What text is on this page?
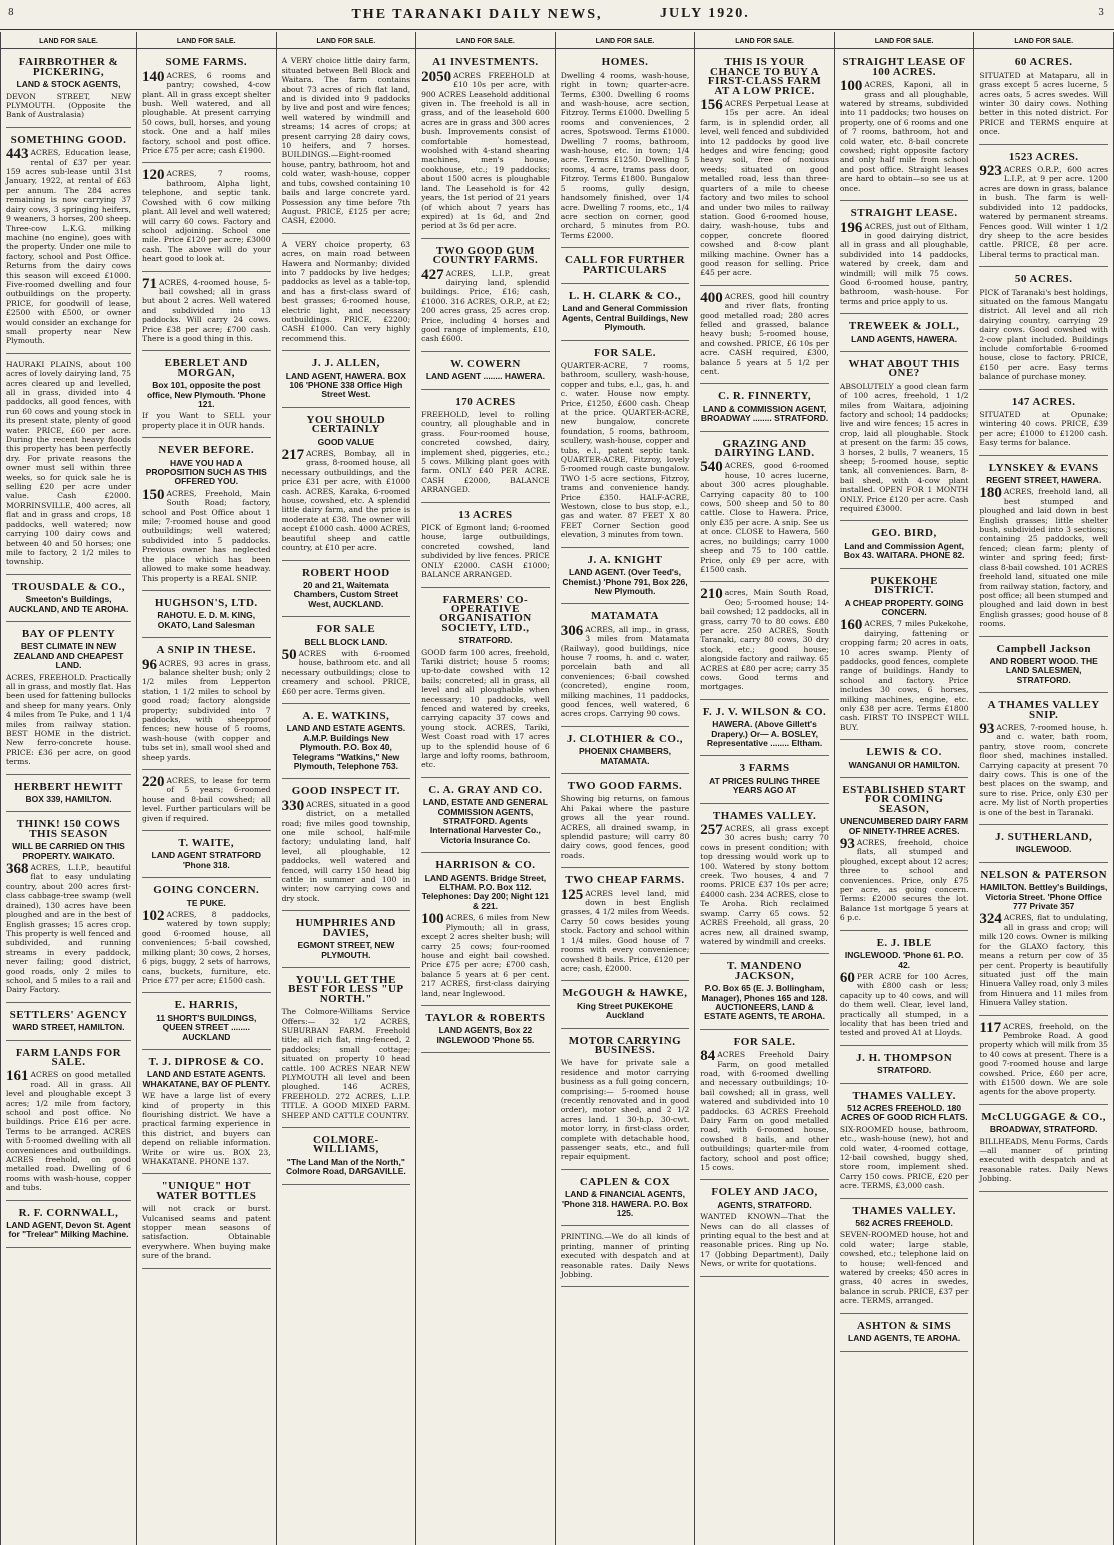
8	THE TARANAKI DAILY NEWS,	JULY 1920.	3
LAND FOR SALE.
FAIRBROTHER & PICKERING,
LAND & STOCK AGENTS,

DEVON STREET, NEW PLYMOUTH. (Opposite the Bank of Australasia)

SOMETHING GOOD.

443 ACRES, Education lease, rental of £37 per year. 159 acres sub-lease until 31st January, 1922, at rental of £63 per annum. The 284 acres remaining is now carrying 37 dairy cows, 3 springing heifers, 9 weaners, 3 horses, 200 sheep. Three-cow L.K.G. milking machine (no engine), goes with the property. Under one mile to factory, school and Post Office. Returns from the dairy cows this season will exceed £1000. Five-roomed dwelling and four outbuildings on the property. PRICE, for goodwill of lease, £2500 with £500, or owner would consider an exchange for small property near New Plymouth.

HAURAKI PLAINS, about 100 acres of lovely dairying land, 75 acres cleared up and levelled, all in grass, divided into 4 paddocks, all good fences, with run 60 cows and young stock in its present state, plenty of good water. PRICE, £60 per acre. During the recent heavy floods this property has been perfectly dry. For private reasons the owner must sell within three weeks, so for quick sale he is selling £20 per acre under value. Cash £2000. MORRINSVILLE, 400 acres, all flat and in grass and crops, 18 paddocks, well watered; now carrying 100 dairy cows and between 40 and 50 horses; one mile to factory, 2 1/2 miles to township.

TROUSDALE & CO.,
Smeeton's Buildings, AUCKLAND, AND TE AROHA.
BAY OF PLENTY
BEST CLIMATE IN NEW ZEALAND AND CHEAPEST LAND.

ACRES, FREEHOLD. Practically all in grass, and mostly flat. Has been used for fattening bullocks and sheep for many years. Only 4 miles from Te Puke, and 1 1/4 miles from railway station. BEST HOME in the district. New ferro-concrete house. PRICE: £36 per acre, on good terms.

HERBERT HEWITT
BOX 339, HAMILTON.
THINK! 150 COWS THIS SEASON
WILL BE CARRIED ON THIS PROPERTY. WAIKATO.

368 ACRES, L.I.P., beautiful flat to easy undulating country, about 200 acres first-class cabbage-tree swamp (well drained), 130 acres have been ploughed and are in the best of English grasses; 15 acres crop. This property is well fenced and subdivided, and running streams in every paddock, never failing; good district, good roads, only 2 miles to school, and 5 miles to a rail and Dairy Factory.

SETTLERS' AGENCY
WARD STREET, HAMILTON.
FARM LANDS FOR SALE.

161 ACRES on good metalled road. All in grass. All level and ploughable except 3 acres; 1/2 mile from factory, school and post office. No buildings. Price £16 per acre. Terms to be arranged. ACRES with 5-roomed dwelling with all conveniences and outbuildings. ACRES freehold, on good metalled road. Dwelling of 6 rooms with wash-house, copper and tubs.

R. F. CORNWALL,
LAND AGENT, Devon St. Agent for "Trelear" Milking Machine.
LAND FOR SALE.
SOME FARMS.

140 ACRES, 6 rooms and pantry; cowshed, 4-cow plant. All in grass except shelter bush. Well watered, and all ploughable. At present carrying 50 cows, bull, horses, and young stock. One and a half miles factory, school and post office. Price £75 per acre; cash £1900.

120 ACRES, 7 rooms, bathroom, Alpha light, telephone, and septic tank. Cowshed with 6 cow milking plant. All level and well watered; will carry 60 cows. Factory and school adjoining. School one mile. Price £120 per acre; £3000 cash. The above will do your heart good to look at.

71 ACRES, 4-roomed house, 5-bail cowshed; all in grass but about 2 acres. Well watered and subdivided into 13 paddocks. Will carry 24 cows. Price £38 per acre; £700 cash. There is a good thing in this.

EBERLET AND MORGAN,
Box 101, opposite the post office, New Plymouth. 'Phone 121.

If you Want to SELL your property place it in OUR hands.

NEVER BEFORE.
HAVE YOU HAD A PROPOSITION SUCH AS THIS OFFERED YOU.

150 ACRES, Freehold, Main South Road; factory, school and Post Office about 1 mile; 7-roomed house and good outbuildings; well watered; subdivided into 5 paddocks. Previous owner has neglected the place which has been allowed to make some headway. This property is a REAL SNIP.

HUGHSON'S, LTD.
RAHOTU. E. D. M. KING, OKATO, Land Salesman
A SNIP IN THESE.

96 ACRES, 93 acres in grass, balance shelter bush; only 2 1/2 miles from Lepperton station, 1 1/2 miles to school by good road; factory alongside property; subdivided into 7 paddocks, with sheepproof fences; new house of 5 rooms, wash-house (with copper and tubs set in), small wool shed and sheep yards.

220 ACRES, to lease for term of 5 years; 6-roomed house and 8-bail cowshed; all level. Further particulars will be given if required.

T. WAITE,
LAND AGENT STRATFORD 'Phone 318.
GOING CONCERN.
TE PUKE.

102 ACRES, 8 paddocks, watered by town supply; good 6-roomed house, all conveniences; 5-bail cowshed, milking plant; 30 cows, 2 horses, 6 pigs, buggy, 2 sets of harrows, cans, buckets, furniture, etc. Price £77 per acre; £1500 cash.

E. HARRIS,
11 SHORT'S BUILDINGS, QUEEN STREET ........ AUCKLAND
T. J. DIPROSE & CO.
LAND AND ESTATE AGENTS. WHAKATANE, BAY OF PLENTY.

WE have a large list of every kind of property in this flourishing district. We have a practical farming experience in this district, and buyers can depend on reliable information. Write or wire us. BOX 23, WHAKATANE. PHONE 137.

"UNIQUE" HOT WATER BOTTLES

will not crack or burst. Vulcanised seams and patent stopper mean seasons of satisfaction. Obtainable everywhere. When buying make sure of the brand.

LAND FOR SALE.

A VERY choice little dairy farm, situated between Bell Block and Waitara. The farm contains about 73 acres of rich flat land, and is divided into 9 paddocks by live and post and wire fences; well watered by windmill and streams; 14 acres of crops; at present carrying 28 dairy cows, 10 heifers, and 7 horses. BUILDINGS.—Eight-roomed house, pantry, bathroom, hot and cold water, wash-house, copper and tubs, cowshed containing 10 bails and large concrete yard. Possession any time before 7th August. PRICE, £125 per acre; CASH, £2000.

A VERY choice property, 63 acres, on main road between Hawera and Normanby; divided into 7 paddocks by live hedges; paddocks as level as a table-top, and has a first-class sward of best grasses; 6-roomed house, electric light, and necessary outbuildings. PRICE, £2200; CASH £1000. Can very highly recommend this.

J. J. ALLEN,
LAND AGENT, HAWERA. BOX 106 'PHONE 338 Office High Street West.
YOU SHOULD CERTAINLY
GOOD VALUE

217 ACRES, Bombay, all in grass, 8-roomed house, all necessary outbuildings, and the price £31 per acre, with £1000 cash. ACRES, Karaka, 6-roomed house, cowshed, etc. A splendid little dairy farm, and the price is moderate at £38. The owner will accept £1000 cash. 4000 ACRES, beautiful sheep and cattle country, at £10 per acre.

ROBERT HOOD
20 and 21, Waitemata Chambers, Custom Street West, AUCKLAND.
FOR SALE
BELL BLOCK LAND.

50 ACRES with 6-roomed house, bathroom etc. and all necessary outbuildings; close to creamery and school. PRICE, £60 per acre. Terms given.

A. E. WATKINS,
LAND AND ESTATE AGENTS. A.M.P. Buildings New Plymouth. P.O. Box 40, Telegrams "Watkins," New Plymouth, Telephone 753.
GOOD INSPECT IT.

330 ACRES, situated in a good district, on a metalled road; five miles good township, one mile school, half-mile factory; undulating land, half level, all ploughable, 12 paddocks, well watered and fenced, will carry 150 head big cattle in summer and 100 in winter; now carrying cows and dry stock.

HUMPHRIES AND DAVIES,
EGMONT STREET, NEW PLYMOUTH.
YOU'LL GET THE BEST FOR LESS "UP NORTH."

The Colmore-Williams Service Offers:— 32 1/2 ACRES, SUBURBAN FARM. Freehold title; all rich flat, ring-fenced, 2 paddocks; small cottage; situated on property 10 head cattle. 100 ACRES NEAR NEW PLYMOUTH all level and been ploughed. 146 ACRES, FREEHOLD. 272 ACRES, L.I.P. TITLE. A GOOD MIXED FARM. SHEEP AND CATTLE COUNTRY.

COLMORE-WILLIAMS,
"The Land Man of the North," Colmore Road, DARGAVILLE.
LAND FOR SALE.
A1 INVESTMENTS.

2050 ACRES FREEHOLD at £10 10s per acre, with 900 ACRES Leasehold additional given in. The freehold is all in grass, and of the leasehold 600 acres are in grass and 300 acres bush. Improvements consist of comfortable homestead, woolshed with 4-stand shearing machines, men's house, cookhouse, etc.; 19 paddocks; about 1500 acres is ploughable land. The Leasehold is for 42 years, the 1st period of 21 years (of which about 7 years has expired) at 1s 6d, and 2nd period at 3s 6d per acre.

TWO GOOD GUM COUNTRY FARMS.

427 ACRES, L.I.P., great dairying land, splendid buildings. Price, £16; cash, £1000. 316 ACRES, O.R.P., at £2; 200 acres grass, 25 acres crop. Price, including 4 horses and good range of implements, £10, cash £600.

W. COWERN
LAND AGENT ........ HAWERA.
170 ACRES

FREEHOLD, level to rolling country, all ploughable and in grass. Four-roomed house, concreted cowshed, dairy, implement shed, piggeries, etc.; 5 cows. Milking plant goes with farm. ONLY £40 PER ACRE. CASH £2000, BALANCE ARRANGED.

13 ACRES

PICK of Egmont land; 6-roomed house, large outbuildings, concreted cowshed, land subdivided by live fences. PRICE ONLY £2000. CASH £1000; BALANCE ARRANGED.

FARMERS' CO-OPERATIVE ORGANISATION SOCIETY, LTD.,
STRATFORD.

GOOD farm 100 acres, freehold, Tariki district; house 5 rooms; up-to-date cowshed with 12 bails; concreted; all in grass, all level and all ploughable when necessary; 10 paddocks, well fenced and watered by creeks, carrying capacity 37 cows and young stock. ACRES, Tariki, West Coast road with 17 acres up to the splendid house of 6 large and lofty rooms, bathroom, etc.

C. A. GRAY AND CO.
LAND, ESTATE AND GENERAL COMMISSION AGENTS, STRATFORD. Agents International Harvester Co., Victoria Insurance Co.
HARRISON & CO.
LAND AGENTS. Bridge Street, ELTHAM. P.O. Box 112. Telephones: Day 200; Night 121 & 221.

100 ACRES, 6 miles from New Plymouth; all in grass, except 2 acres shelter bush; will carry 25 cows; four-roomed house and eight bail cowshed. Price £75 per acre; £700 cash, balance 5 years at 6 per cent. 217 ACRES, first-class dairying land, near Inglewood.

TAYLOR & ROBERTS
LAND AGENTS, Box 22 INGLEWOOD 'Phone 55.
LAND FOR SALE.
HOMES.

Dwelling 4 rooms, wash-house, right in town; quarter-acre. Terms, £300. Dwelling 6 rooms and wash-house, acre section, Fitzroy. Terms £1000. Dwelling 5 rooms and conveniences, 2 acres, Spotswood. Terms £1000. Dwelling 7 rooms, bathroom, wash-house, etc. in town; 1/4 acre. Terms £1250. Dwelling 5 rooms, 4 acre, trams pass door, Fitzroy. Terms £1800. Bungalow 5 rooms, gully design, handsomely finished, over 1/4 acre. Dwelling 7 rooms, etc., 1/4 acre section on corner, good orchard, 5 minutes from P.O. Terms £2000.

CALL FOR FURTHER PARTICULARS
L. H. CLARK & CO.,
Land and General Commission Agents, Central Buildings, New Plymouth.
FOR SALE.

QUARTER-ACRE, 7 rooms, bathroom, scullery, wash-house, copper and tubs, e.l., gas, h. and c. water. House now empty. Price, £1250, £600 cash. Cheap at the price. QUARTER-ACRE, new bungalow, concrete foundation, 5 rooms, bathroom, scullery, wash-house, copper and tubs, e.l., patent septic tank. QUARTER-ACRE, Fitzroy, lovely 5-roomed rough caste bungalow. TWO 1-5 acre sections, Fitzroy, trams and convenience handy. Price £350. HALF-ACRE, Westown, close to bus stop, e.l., gas and water. 87 FEET X 80 FEET Corner Section good elevation, 3 minutes from town.

J. A. KNIGHT
LAND AGENT. (Over Teed's, Chemist.) 'Phone 791, Box 226, New Plymouth.
MATAMATA

306 ACRES, all imp., in grass, 3 miles from Matamata (Railway), good buildings, nice house 7 rooms, h. and c. water, porcelain bath and all conveniences; 6-bail cowshed (concreted), engine room, milking machines, 11 paddocks, good fences, well watered, 6 acres crops. Carrying 90 cows.

J. CLOTHIER & CO.,
PHOENIX CHAMBERS, MATAMATA.
TWO GOOD FARMS.

Showing big returns, on famous Ahi Pakai where the pasture grows all the year round. ACRES, all drained swamp, in splendid pasture; will carry 80 dairy cows, good fences, good roads.

TWO CHEAP FARMS.

125 ACRES level land, mid down in best English grasses, 4 1/2 miles from Weeds. Carry 50 cows besides young stock. Factory and school within 1 1/4 miles. Good house of 7 rooms with every convenience; cowshed 8 bails. Price, £120 per acre; cash, £2000.

McGOUGH & HAWKE,
King Street PUKEKOHE Auckland
MOTOR CARRYING BUSINESS.

We have for private sale a residence and motor carrying business as a full going concern, comprising:— 5-roomed house (recently renovated and in good order), motor shed, and 2 1/2 acres land. 1 30-h.p. 30-cwt. motor lorry, in first-class order, complete with detachable hood, passenger seats, etc., and full repair equipment.

CAPLEN & COX
LAND & FINANCIAL AGENTS, 'Phone 318. HAWERA. P.O. Box 125.

PRINTING.—We do all kinds of printing, manner of printing executed with despatch and at reasonable rates. Daily News Jobbing.

LAND FOR SALE.
THIS IS YOUR CHANCE TO BUY A FIRST-CLASS FARM AT A LOW PRICE.

156 ACRES Perpetual Lease at 15s per acre. An ideal farm, is in splendid order, all level, well fenced and subdivided into 12 paddocks by good live hedges and wire fencing; good heavy soil, free of noxious weeds; situated on good metalled road, less than three-quarters of a mile to cheese factory and two miles to school and under two miles to railway station. Good 6-roomed house, dairy, wash-house, tubs and copper, concrete floored cowshed and 8-cow plant milking machine. Owner has a good reason for selling. Price £45 per acre.

400 ACRES, good hill country and river flats, fronting good metalled road; 280 acres felled and grassed, balance heavy bush; 5-roomed house, and cowshed. PRICE, £6 10s per acre. CASH required, £300, balance 5 years at 5 1/2 per cent.

C. R. FINNERTY,
LAND & COMMISSION AGENT, BROADWAY ........ STRATFORD.
GRAZING AND DAIRYING LAND.

540 ACRES, good 6-roomed house, 10 acres lucerne, about 300 acres ploughable. Carrying capacity 80 to 100 cows, 500 sheep and 50 to 80 cattle. Close to Hawera. Price, only £35 per acre. A snip. See us at once. CLOSE to Hawera, 560 acres, no buildings; carry 1000 sheep and 75 to 100 cattle. Price, only £9 per acre, with £1500 cash.

210 acres, Main South Road, Oeo; 5-roomed house; 14-bail cowshed; 12 paddocks, all in grass, carry 70 to 80 cows. £80 per acre. 250 ACRES, South Taranaki, carry 80 cows, 30 dry stock, etc.; good house; alongside factory and railway. 65 ACRES at £80 per acre; carry 35 cows. Good terms and mortgages.

F. J. V. WILSON & CO.
HAWERA. (Above Gillett's Drapery.) Or— A. BOSLEY, Representative ........ Eltham.
3 FARMS
AT PRICES RULING THREE YEARS AGO AT
THAMES VALLEY.

257 ACRES, all grass except 30 acres bush; carry 70 cows in present condition; with top dressing would work up to 100. Watered by stony bottom creek. Two houses, 4 and 7 rooms. PRICE £37 10s per acre; £4000 cash. 234 ACRES, close to Te Aroha. Rich reclaimed swamp. Carry 65 cows. 52 ACRES Freehold, all grass, 20 acres new, all drained swamp, watered by windmill and creeks.

T. MANDENO JACKSON,
P.O. Box 65 (E. J. Bollingham, Manager), Phones 165 and 128. AUCTIONEERS, LAND & ESTATE AGENTS, TE AROHA.
FOR SALE.

84 ACRES Freehold Dairy Farm, on good metalled road, with 6-roomed dwelling and necessary outbuildings; 10-bail cowshed; all in grass, well watered and subdivided into 10 paddocks. 63 ACRES Freehold Dairy Farm on good metalled road, with 6-roomed house, cowshed 8 bails, and other outbuildings; quarter-mile from factory, school and post office; 15 cows.

FOLEY AND JACO,
AGENTS, STRATFORD.

WANTED KNOWN—That the News can do all classes of printing equal to the best and at reasonable prices. Ring up No. 17 (Jobbing Department), Daily News, or write for quotations.

LAND FOR SALE.
STRAIGHT LEASE OF 100 ACRES.

100 ACRES, Kaponi, all in grass and all ploughable, watered by streams, subdivided into 11 paddocks; two houses on property, one of 6 rooms and one of 7 rooms, bathroom, hot and cold water, etc. 8-bail concrete cowshed; right opposite factory and only half mile from school and post office. Straight leases are hard to obtain—so see us at once.

STRAIGHT LEASE.

196 ACRES, just out of Eltham, in good dairying district, all in grass and all ploughable, subdivided into 14 paddocks, watered by creek, dam and windmill; will milk 75 cows. Good 6-roomed house, pantry, bathroom, wash-house. For terms and price apply to us.

TREWEEK & JOLL,
LAND AGENTS, HAWERA.
WHAT ABOUT THIS ONE?

ABSOLUTELY a good clean farm of 100 acres, freehold, 1 1/2 miles from Waitara, adjoining factory and school; 14 paddocks; live and wire fences; 15 acres in crop, laid all ploughable. Stock at present on the farm: 35 cows, 3 horses, 2 bulls, 7 weaners, 15 sheep; 5-roomed house, septic tank, all conveniences. Barn, 8-bail shed, with 4-cow plant installed. OPEN FOR 1 MONTH ONLY. Price £120 per acre. Cash required £3000.

GEO. BIRD,
Land and Commission Agent, Box 43. WAITARA. PHONE 82.
PUKEKOHE DISTRICT.
A CHEAP PROPERTY. GOING CONCERN.

160 ACRES, 7 miles Pukekohe, dairying, fattening or cropping farm; 20 acres in oats, 10 acres swamp. Plenty of paddocks, good fences, complete range of buildings. Handy to school and factory. Price includes 30 cows, 6 horses, milking machines, engine, etc. only £38 per acre. Terms £1800 cash. FIRST TO INSPECT WILL BUY.

LEWIS & CO.
WANGANUI OR HAMILTON.
ESTABLISHED START FOR COMING SEASON,
UNENCUMBERED DAIRY FARM OF NINETY-THREE ACRES.

93 ACRES, freehold, choice flats, all stumped and ploughed, except about 12 acres; three to school and conveniences. Price, only £75 per acre, as going concern. Terms: £2000 secures the lot. Balance 1st mortgage 5 years at 6 p.c.

E. J. IBLE
INGLEWOOD. 'Phone 61. P.O. 42.

60 PER ACRE for 100 Acres, with £800 cash or less; capacity up to 40 cows, and will do them well. Clear, level land, practically all stumped, in a locality that has been tried and tested and proved A1 at Lloyds.

J. H. THOMPSON
STRATFORD.
THAMES VALLEY.
512 ACRES FREEHOLD. 180 ACRES OF GOOD RICH FLATS.

SIX-ROOMED house, bathroom, etc., wash-house (new), hot and cold water, 4-roomed cottage, 12-bail cowshed, buggy shed, store room, implement shed. Carry 150 cows. PRICE, £20 per acre. TERMS, £3,000 cash.

THAMES VALLEY.
562 ACRES FREEHOLD.

SEVEN-ROOMED house, hot and cold water; large stable, cowshed, etc.; telephone laid on to house; well-fenced and watered by creeks; 450 acres in grass, 40 acres in swedes, balance in scrub. PRICE, £37 per acre. TERMS, arranged.

ASHTON & SIMS
LAND AGENTS, TE AROHA.
LAND FOR SALE.
60 ACRES.

SITUATED at Mataparu, all in grass except 5 acres lucerne, 5 acres oats, 5 acres swedes. Will winter 30 dairy cows. Nothing better in this noted district. For PRICE and TERMS enquire at once.

1523 ACRES.

923 ACRES O.R.P., 600 acres L.I.P., at 9 per acre. 1200 acres are down in grass, balance in bush. The farm is well-subdivided into 12 paddocks, watered by permanent streams. Fences good. Will winter 1 1/2 dry sheep to the acre besides cattle. PRICE, £8 per acre. Liberal terms to practical man.

50 ACRES.

PICK of Taranaki's best holdings, situated on the famous Mangatu district. All level and all rich dairying country, carrying 29 dairy cows. Good cowshed with 2-cow plant included. Buildings include comfortable 6-roomed house, close to factory. PRICE, £150 per acre. Easy terms balance of purchase money.

147 ACRES.

SITUATED at Opunake; wintering 40 cows. PRICE, £39 per acre; £1000 to £1200 cash. Easy terms for balance.

LYNSKEY & EVANS
REGENT STREET, HAWERA.

180 ACRES, freehold land, all best stumped and ploughed and laid down in best English grasses; little shelter bush, subdivided into 3 sections; containing 25 paddocks, well fenced; clean farm; plenty of winter and spring feed; first-class 8-bail cowshed. 101 ACRES freehold land, situated one mile from railway station, factory, and post office; all been stumped and ploughed and laid down in best English grasses; good house of 8 rooms.

Campbell Jackson
AND ROBERT WOOD. THE LAND SALESMEN, STRATFORD.
A THAMES VALLEY SNIP.

93 ACRES, 7-roomed house, h. and c. water, bath room, pantry, stove room, concrete floor shed, machines installed. Carrying capacity at present 70 dairy cows. This is one of the best places on the swamp, and sure to rise. Price, only £30 per acre. My list of North properties is one of the best in Taranaki.

J. SUTHERLAND,
INGLEWOOD.
NELSON & PATERSON
HAMILTON. Bettley's Buildings, Victoria Street. 'Phone Office 777 Private 357

324 ACRES, flat to undulating, all in grass and crop; will milk 120 cows. Owner is milking for the GLAXO factory, this means a return per cow of 35 per cent. Property is beautifully situated just off the main Hinuera Valley road, only 3 miles from Hinuera and 11 miles from Hinuera Valley station.

117 ACRES, freehold, on the Pembroke Road. A good property which will milk from 35 to 40 cows at present. There is a good 7-roomed house and large cowshed. Price, £60 per acre, with £1500 down. We are sole agents for the above property.

McCLUGGAGE & CO.,
BROADWAY, STRATFORD.

BILLHEADS, Menu Forms, Cards—all manner of printing executed with despatch and at reasonable rates. Daily News Jobbing.
